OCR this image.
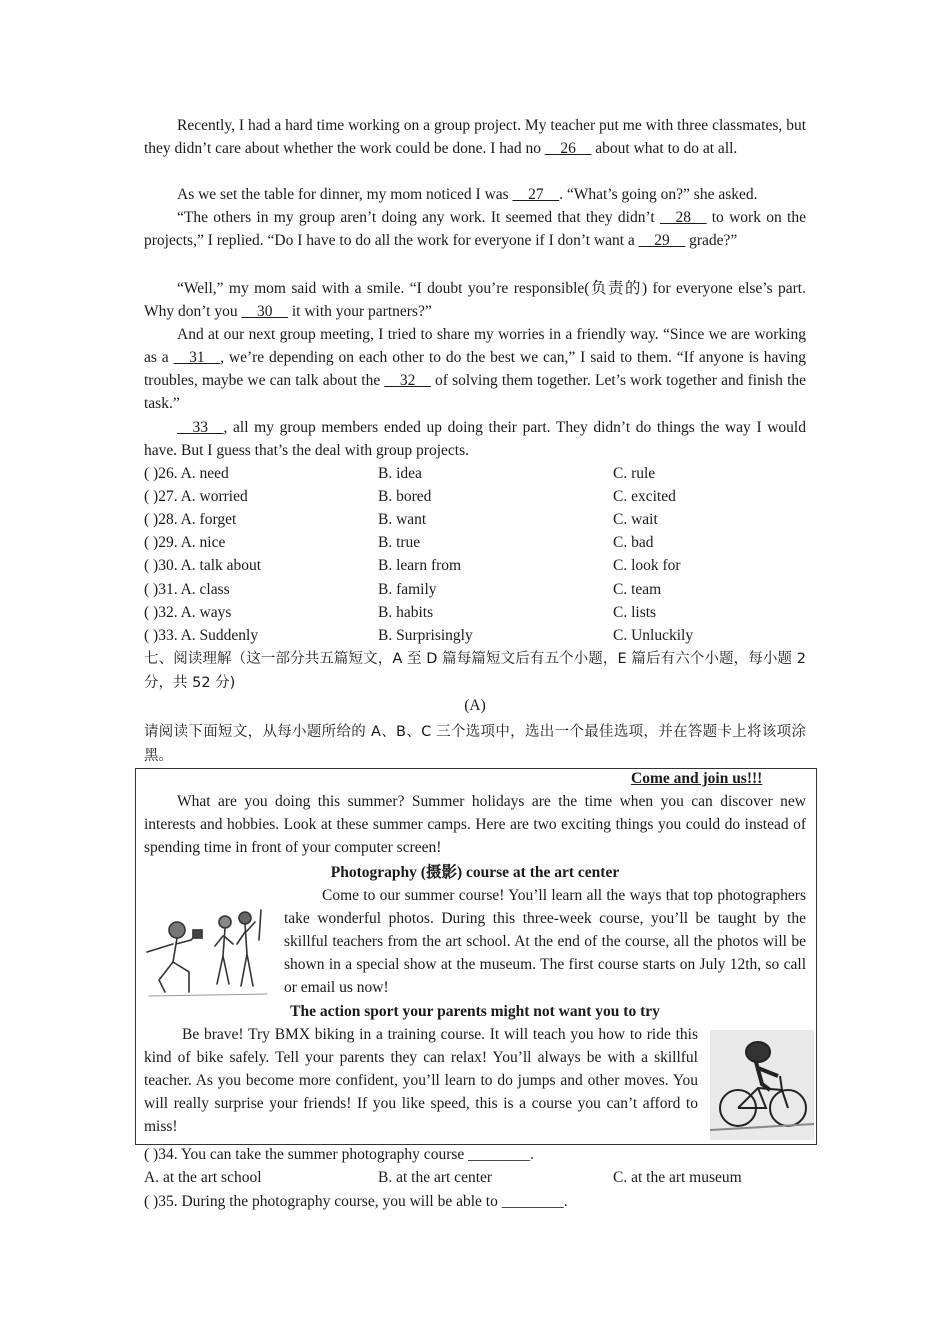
Recently, I had a hard time working on a group project. My teacher put me with three classmates, but they didn’t care about whether the work could be done. I had no __26__ about what to do at all.
As we set the table for dinner, my mom noticed I was __27__. “What’s going on?” she asked.
“The others in my group aren’t doing any work. It seemed that they didn’t __28__ to work on the projects,” I replied. “Do I have to do all the work for everyone if I don’t want a __29__ grade?”
“Well,” my mom said with a smile. “I doubt you’re responsible(负责的) for everyone else’s part. Why don’t you __30__ it with your partners?”
And at our next group meeting, I tried to share my worries in a friendly way. “Since we are working as a __31__, we’re depending on each other to do the best we can,” I said to them. “If anyone is having troubles, maybe we can talk about the __32__ of solving them together. Let’s work together and finish the task.”
__33__, all my group members ended up doing their part. They didn’t do things the way I would have. But I guess that’s the deal with group projects.
( )26. A. need	B. idea	C. rule
( )27. A. worried	B. bored	C. excited
( )28. A. forget	B. want	C. wait
( )29. A. nice	B. true	C. bad
( )30. A. talk about	B. learn from	C. look for
( )31. A. class	B. family	C. team
( )32. A. ways	B. habits	C. lists
( )33. A. Suddenly	B. Surprisingly	C. Unluckily
七、阅读理解（这一部分共五篇短文，A 至 D 篇每篇短文后有五个小题，E 篇后有六个小题，每小题 2 分，共 52 分)
(A)
请阅读下面短文，从每小题所给的 A、B、C 三个选项中，选出一个最佳选项，并在答题卡上将该项涂黑。
Come and join us!!!
What are you doing this summer? Summer holidays are the time when you can discover new interests and hobbies. Look at these summer camps. Here are two exciting things you could do instead of spending time in front of your computer screen!
Photography (摄影) course at the art center
Come to our summer course! You’ll learn all the ways that top photographers take wonderful photos. During this three-week course, you’ll be taught by the skillful teachers from the art school. At the end of the course, all the photos will be shown in a special show at the museum. The first course starts on July 12th, so call or email us now!
The action sport your parents might not want you to try
Be brave! Try BMX biking in a training course. It will teach you how to ride this kind of bike safely. Tell your parents they can relax! You’ll always be with a skillful teacher. As you become more confident, you’ll learn to do jumps and other moves. You will really surprise your friends! If you like speed, this is a course you can’t afford to miss!
( )34. You can take the summer photography course ________.
A. at the art school	B. at the art center	C. at the art museum
( )35. During the photography course, you will be able to ________.
